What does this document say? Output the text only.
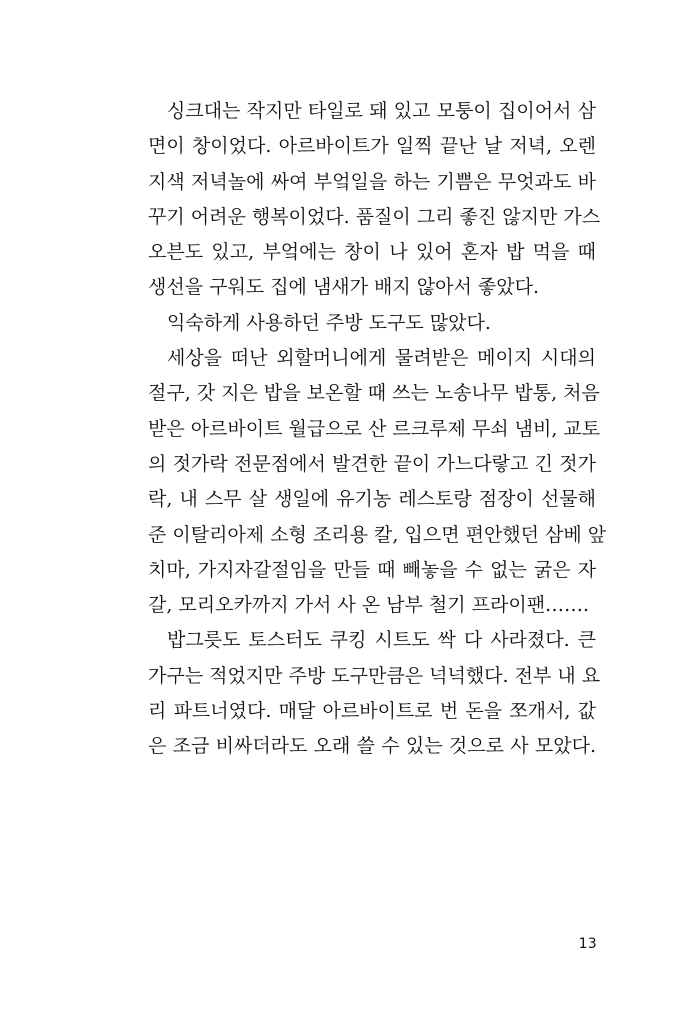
싱크대는 작지만 타일로 돼 있고 모퉁이 집이어서 삼
면이 창이었다. 아르바이트가 일찍 끝난 날 저녁, 오렌
지색 저녁놀에 싸여 부엌일을 하는 기쁨은 무엇과도 바
꾸기 어려운 행복이었다. 품질이 그리 좋진 않지만 가스
오븐도 있고, 부엌에는 창이 나 있어 혼자 밥 먹을 때
생선을 구워도 집에 냄새가 배지 않아서 좋았다.
익숙하게 사용하던 주방 도구도 많았다.
세상을 떠난 외할머니에게 물려받은 메이지 시대의
절구, 갓 지은 밥을 보온할 때 쓰는 노송나무 밥통, 처음
받은 아르바이트 월급으로 산 르크루제 무쇠 냄비, 교토
의 젓가락 전문점에서 발견한 끝이 가느다랗고 긴 젓가
락, 내 스무 살 생일에 유기농 레스토랑 점장이 선물해
준 이탈리아제 소형 조리용 칼, 입으면 편안했던 삼베 앞
치마, 가지자갈절임을 만들 때 빼놓을 수 없는 굵은 자
갈, 모리오카까지 가서 사 온 남부 철기 프라이팬…….
밥그릇도 토스터도 쿠킹 시트도 싹 다 사라졌다. 큰
가구는 적었지만 주방 도구만큼은 넉넉했다. 전부 내 요
리 파트너였다. 매달 아르바이트로 번 돈을 쪼개서, 값
은 조금 비싸더라도 오래 쓸 수 있는 것으로 사 모았다.
13
